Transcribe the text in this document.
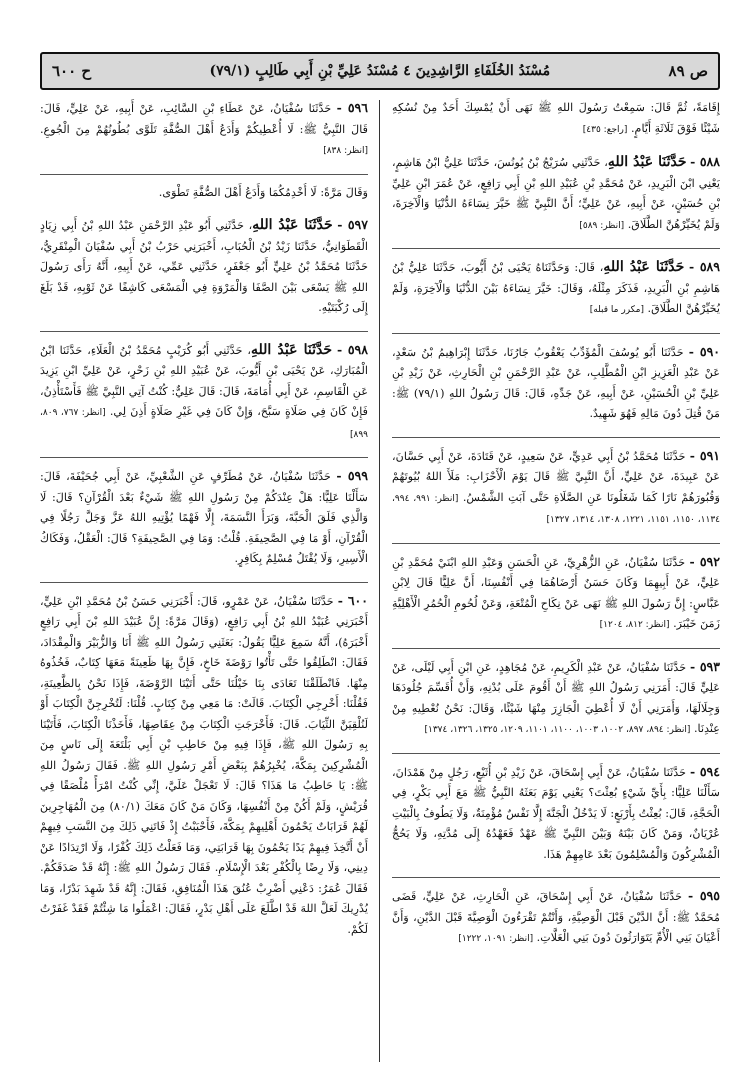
ص ٨٩
مُسْنَدُ الخُلَفَاءِ الرَّاشِدِينَ ٤ مُسْنَدُ عَلِيِّ بْنِ أَبِي طَالِبٍ (٧٩/١)
ح ٦٠٠

إِقَامَةً، ثُمَّ قَالَ: سَمِعْتُ رَسُولَ اللهِ ﷺ نَهَى أَنْ يُمْسِكَ أَحَدٌ مِنْ نُسُكِهِ شَيْئًا فَوْقَ ثَلَاثَةِ أَيَّامٍ. [راجع: ٤٣٥]

٥٨٨ - حَدَّثَنَا عَبْدُ اللهِ، حَدَّثَنِي سُرَيْجُ بْنُ يُونُسَ، حَدَّثَنَا عَلِيُّ ابْنُ هَاشِمٍ، يَعْنِي ابْنَ الْبَرِيدِ، عَنْ مُحَمَّدِ بْنِ عُبَيْدِ اللهِ بْنِ أَبِي رَافِعٍ، عَنْ عُمَرَ ابْنِ عَلِيِّ بْنِ حُسَيْنٍ، عَنْ أَبِيهِ، عَنْ عَلِيٍّ؛ أَنَّ النَّبِيَّ ﷺ خَيَّرَ نِسَاءَهُ الدُّنْيَا وَالْآخِرَةَ، وَلَمْ يُخَيِّرْهُنَّ الطَّلَاقَ. [انظر: ٥٨٩]

٥٨٩ - حَدَّثَنَا عَبْدُ اللهِ، قَالَ: وَحَدَّثَنَاهُ يَحْيَى بْنُ أَيُّوبَ، حَدَّثَنَا عَلِيُّ بْنُ هَاشِمِ بْنِ الْبَرِيدِ، فَذَكَرَ مِثْلَهُ، وَقَالَ: خَيَّرَ نِسَاءَهُ بَيْنَ الدُّنْيَا وَالْآخِرَةِ، وَلَمْ يُخَيِّرْهُنَّ الطَّلَاقَ. [مكرر ما قبله]

٥٩٠ - حَدَّثَنَا أَبُو يُوسُفَ الْمُؤَدِّبُ يَعْقُوبُ جَارُنَا، حَدَّثَنَا إِبْرَاهِيمُ بْنُ سَعْدٍ، عَنْ عَبْدِ الْعَزِيزِ ابْنِ الْمُطَّلِبِ، عَنْ عَبْدِ الرَّحْمَنِ بْنِ الْحَارِثِ، عَنْ زَيْدِ بْنِ عَلِيِّ بْنِ الْحُسَيْنِ، عَنْ أَبِيهِ، عَنْ جَدِّهِ، قَالَ: قَالَ رَسُولُ اللهِ (٧٩/١) ﷺ: مَنْ قُتِلَ دُونَ مَالِهِ فَهُوَ شَهِيدٌ.

٥٩١ - حَدَّثَنَا مُحَمَّدُ بْنُ أَبِي عَدِيٍّ، عَنْ سَعِيدٍ، عَنْ قَتَادَةَ، عَنْ أَبِي حَسَّانَ، عَنْ عَبِيدَةَ، عَنْ عَلِيٍّ، أَنَّ النَّبِيَّ ﷺ قَالَ يَوْمَ الْأَحْزَابِ: مَلَأَ اللهُ بُيُوتَهُمْ وَقُبُورَهُمْ نَارًا كَمَا شَغَلُونَا عَنِ الصَّلَاةِ حَتَّى آبَتِ الشَّمْسُ. [انظر: ٩٩١، ٩٩٤، ١١٣٤، ١١٥٠، ١١٥١، ١٢٢١، ١٣٠٨، ١٣١٤، ١٣٢٧]

٥٩٢ - حَدَّثَنَا سُفْيَانُ، عَنِ الزُّهْرِيِّ، عَنِ الْحَسَنِ وَعَبْدِ اللهِ ابْنَيْ مُحَمَّدِ بْنِ عَلِيٍّ، عَنْ أَبِيهِمَا وَكَانَ حَسَنٌ أَرْضَاهُمَا فِي أَنْفُسِنَا، أَنَّ عَلِيًّا قَالَ لِابْنِ عَبَّاسٍ: إِنَّ رَسُولَ اللهِ ﷺ نَهَى عَنْ نِكَاحِ الْمُتْعَةِ، وَعَنْ لُحُومِ الْحُمُرِ الْأَهْلِيَّةِ زَمَنَ خَيْبَرَ. [انظر: ٨١٢، ١٢٠٤]

٥٩٣ - حَدَّثَنَا سُفْيَانُ، عَنْ عَبْدِ الْكَرِيمِ، عَنْ مُجَاهِدٍ، عَنِ ابْنِ أَبِي لَيْلَى، عَنْ عَلِيٍّ قَالَ: أَمَرَنِي رَسُولُ اللهِ ﷺ أَنْ أَقُومَ عَلَى بُدْنِهِ، وَأَنْ أُقَسِّمَ جُلُودَهَا وَجِلَالَهَا، وَأَمَرَنِي أَنْ لَا أُعْطِيَ الْجَازِرَ مِنْهَا شَيْئًا، وَقَالَ: نَحْنُ نُعْطِيهِ مِنْ عِنْدِنَا. [انظر: ٨٩٤، ٨٩٧، ١٠٠٢، ١٠٠٣، ١١٠٠، ١١٠١، ١٢٠٩، ١٣٢٥، ١٣٢٦، ١٣٧٤]

٥٩٤ - حَدَّثَنَا سُفْيَانُ، عَنْ أَبِي إِسْحَاقَ، عَنْ زَيْدِ بْنِ أُثَيْعٍ، رَجُلٍ مِنْ هَمْدَانَ، سَأَلْنَا عَلِيًّا: بِأَيِّ شَيْءٍ بُعِثْتَ؟ يَعْنِي يَوْمَ بَعَثَهُ النَّبِيُّ ﷺ مَعَ أَبِي بَكْرٍ، فِي الْحَجَّةِ، قَالَ: بُعِثْتُ بِأَرْبَعٍ: لَا يَدْخُلُ الْجَنَّةَ إِلَّا نَفْسٌ مُؤْمِنَةٌ، وَلَا يَطُوفُ بِالْبَيْتِ عُرْيَانٌ، وَمَنْ كَانَ بَيْنَهُ وَبَيْنَ النَّبِيِّ ﷺ عَهْدٌ فَعَهْدُهُ إِلَى مُدَّتِهِ، وَلَا يَحُجُّ الْمُشْرِكُونَ وَالْمُسْلِمُونَ بَعْدَ عَامِهِمْ هَذَا.

٥٩٥ - حَدَّثَنَا سُفْيَانُ، عَنْ أَبِي إِسْحَاقَ، عَنِ الْحَارِثِ، عَنْ عَلِيٍّ، قَضَى مُحَمَّدٌ ﷺ: أَنَّ الدَّيْنَ قَبْلَ الْوَصِيَّةِ، وَأَنْتُمْ تَقْرَءُونَ الْوَصِيَّةَ قَبْلَ الدَّيْنِ، وَأَنَّ أَعْيَانَ بَنِي الْأُمِّ يَتَوَارَثُونَ دُونَ بَنِي الْعَلَّاتِ. [انظر: ١٠٩١، ١٢٢٢]

٥٩٦ - حَدَّثَنَا سُفْيَانُ، عَنْ عَطَاءِ بْنِ السَّائِبِ، عَنْ أَبِيهِ، عَنْ عَلِيٍّ، قَالَ: قَالَ النَّبِيُّ ﷺ: لَا أُعْطِيكُمْ وَأَدَعُ أَهْلَ الصُّفَّةِ تَلَوَّى بُطُونُهُمْ مِنَ الْجُوعِ. [انظر: ٨٣٨]

وَقَالَ مَرَّةً: لَا أُخْدِمُكُمَا وَأَدَعُ أَهْلَ الصُّفَّةِ تَطْوَى.

٥٩٧ - حَدَّثَنَا عَبْدُ اللهِ، حَدَّثَنِي أَبُو عَبْدِ الرَّحْمَنِ عَبْدُ اللهِ بْنُ أَبِي زِيَادٍ الْقَطَوَانِيُّ، حَدَّثَنَا زَيْدُ بْنُ الْحُبَابِ، أَخْبَرَنِي حَرْبُ بْنُ أَبِي سُفْيَانَ الْمِنْقَرِيُّ، حَدَّثَنَا مُحَمَّدُ بْنُ عَلِيٍّ أَبُو جَعْفَرٍ، حَدَّثَنِي عَمِّي، عَنْ أَبِيهِ، أَنَّهُ رَأَى رَسُولَ اللهِ ﷺ يَسْعَى بَيْنَ الصَّفَا وَالْمَرْوَةِ فِي الْمَسْعَى كَاشِفًا عَنْ ثَوْبِهِ، قَدْ بَلَغَ إِلَى رُكْبَتَيْهِ.

٥٩٨ - حَدَّثَنَا عَبْدُ اللهِ، حَدَّثَنِي أَبُو كُرَيْبٍ مُحَمَّدُ بْنُ الْعَلَاءِ، حَدَّثَنَا ابْنُ الْمُبَارَكِ، عَنْ يَحْيَى بْنِ أَيُّوبَ، عَنْ عُبَيْدِ اللهِ بْنِ زَحْرٍ، عَنْ عَلِيِّ ابْنِ يَزِيدَ عَنِ الْقَاسِمِ، عَنْ أَبِي أُمَامَةَ، قَالَ: قَالَ عَلِيٌّ: كُنْتُ آتِي النَّبِيَّ ﷺ فَأَسْتَأْذِنُ، فَإِنْ كَانَ فِي صَلَاةٍ سَبَّحَ، وَإِنْ كَانَ فِي غَيْرِ صَلَاةٍ أَذِنَ لِي. [انظر: ٧٦٧، ٨٠٩، ٨٩٩]

٥٩٩ - حَدَّثَنَا سُفْيَانُ، عَنْ مُطَرِّفٍ عَنِ الشَّعْبِيِّ، عَنْ أَبِي جُحَيْفَةَ، قَالَ: سَأَلْنَا عَلِيًّا: هَلْ عِنْدَكُمْ مِنْ رَسُولِ اللهِ ﷺ شَيْءٌ بَعْدَ الْقُرْآنِ؟ قَالَ: لَا وَالَّذِي فَلَقَ الْحَبَّةَ، وَبَرَأَ النَّسَمَةَ، إِلَّا فَهْمًا يُؤْتِيهِ اللهُ عَزَّ وَجَلَّ رَجُلًا فِي الْقُرْآنِ، أَوْ مَا فِي الصَّحِيفَةِ. قُلْتُ: وَمَا فِي الصَّحِيفَةِ؟ قَالَ: الْعَقْلُ، وَفَكَاكُ الْأَسِيرِ، وَلَا يُقْتَلُ مُسْلِمٌ بِكَافِرٍ.

٦٠٠ - حَدَّثَنَا سُفْيَانُ، عَنْ عَمْرٍو، قَالَ: أَخْبَرَنِي حَسَنُ بْنُ مُحَمَّدِ ابْنِ عَلِيٍّ، أَخْبَرَنِي عُبَيْدُ اللهِ بْنُ أَبِي رَافِعٍ، (وَقَالَ مَرَّةً: إِنَّ عُبَيْدَ اللهِ بْنَ أَبِي رَافِعٍ أَخْبَرَهُ)، أَنَّهُ سَمِعَ عَلِيًّا يَقُولُ: بَعَثَنِي رَسُولُ اللهِ ﷺ أَنَا وَالزُّبَيْرَ وَالْمِقْدَادَ، فَقَالَ: انْطَلِقُوا حَتَّى تَأْتُوا رَوْضَةَ خَاخٍ، فَإِنَّ بِهَا ظَعِينَةً مَعَهَا كِتَابٌ، فَخُذُوهُ مِنْهَا. فَانْطَلَقْنَا تَعَادَى بِنَا خَيْلُنَا حَتَّى أَتَيْنَا الرَّوْضَةَ، فَإِذَا نَحْنُ بِالظَّعِينَةِ، فَقُلْنَا: أَخْرِجِي الْكِتَابَ. قَالَتْ: مَا مَعِي مِنْ كِتَابٍ. قُلْنَا: لَتُخْرِجِنَّ الْكِتَابَ أَوْ لَنُلْقِيَنَّ الثِّيَابَ. قَالَ: فَأَخْرَجَتِ الْكِتَابَ مِنْ عِقَاصِهَا، فَأَخَذْنَا الْكِتَابَ، فَأَتَيْنَا بِهِ رَسُولَ اللهِ ﷺ، فَإِذَا فِيهِ مِنْ حَاطِبِ بْنِ أَبِي بَلْتَعَةَ إِلَى نَاسٍ مِنَ الْمُشْرِكِينَ بِمَكَّةَ، يُخْبِرُهُمْ بِبَعْضِ أَمْرِ رَسُولِ اللهِ ﷺ. فَقَالَ رَسُولُ اللهِ ﷺ: يَا حَاطِبُ مَا هَذَا؟ قَالَ: لَا تَعْجَلْ عَلَيَّ، إِنِّي كُنْتُ امْرَأً مُلْصَقًا فِي قُرَيْشٍ، وَلَمْ أَكُنْ مِنْ أَنْفُسِهَا، وَكَانَ مَنْ كَانَ مَعَكَ (٨٠/١) مِنَ الْمُهَاجِرِينَ لَهُمْ قَرَابَاتٌ يَحْمُونَ أَهْلِيهِمْ بِمَكَّةَ، فَأَحْبَبْتُ إِذْ فَاتَنِي ذَلِكَ مِنَ النَّسَبِ فِيهِمْ أَنْ أَتَّخِذَ فِيهِمْ يَدًا يَحْمُونَ بِهَا قَرَابَتِي، وَمَا فَعَلْتُ ذَلِكَ كُفْرًا، وَلَا ارْتِدَادًا عَنْ دِينِي، وَلَا رِضًا بِالْكُفْرِ بَعْدَ الْإِسْلَامِ. فَقَالَ رَسُولُ اللهِ ﷺ: إِنَّهُ قَدْ صَدَقَكُمْ. فَقَالَ عُمَرُ: دَعْنِي أَضْرِبْ عُنُقَ هَذَا الْمُنَافِقِ، فَقَالَ: إِنَّهُ قَدْ شَهِدَ بَدْرًا، وَمَا يُدْرِيكَ لَعَلَّ اللهَ قَدْ اطَّلَعَ عَلَى أَهْلِ بَدْرٍ، فَقَالَ: اعْمَلُوا مَا شِئْتُمْ فَقَدْ غَفَرْتُ لَكُمْ.
